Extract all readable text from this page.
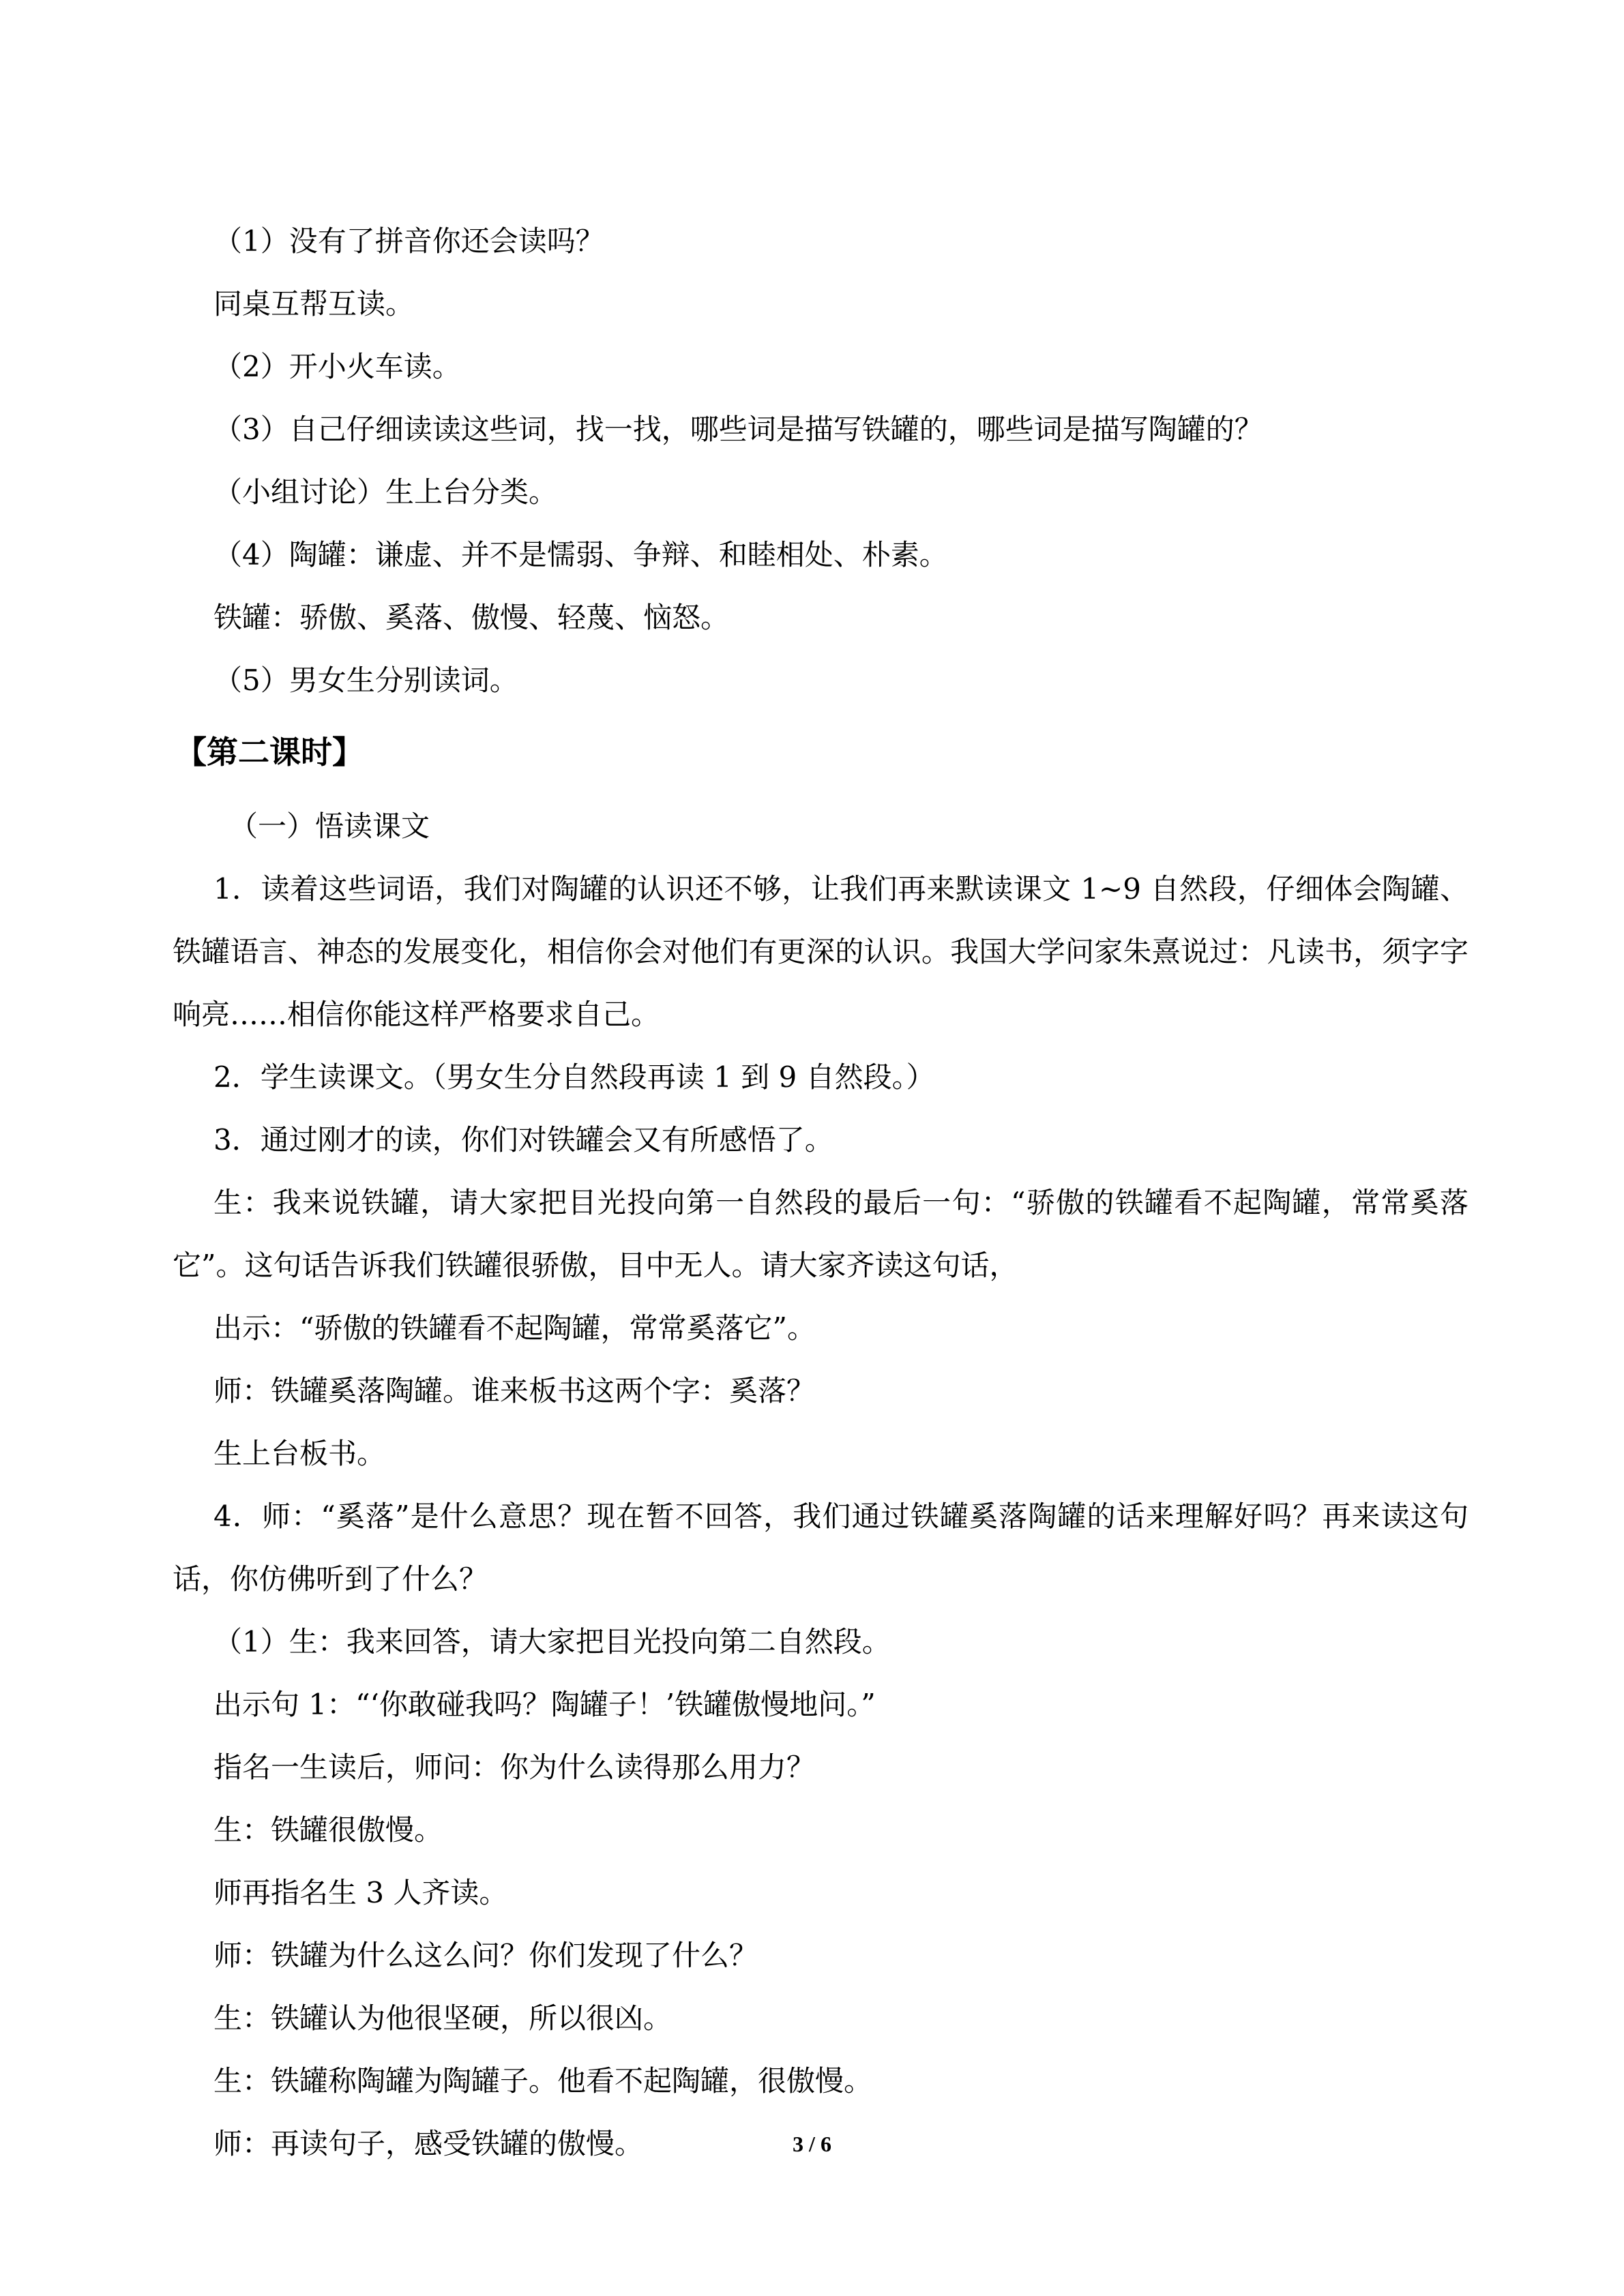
（1）没有了拼音你还会读吗？

同桌互帮互读。

（2）开小火车读。

（3）自己仔细读读这些词，找一找，哪些词是描写铁罐的，哪些词是描写陶罐的？

（小组讨论）生上台分类。

（4）陶罐：谦虚、并不是懦弱、争辩、和睦相处、朴素。

铁罐：骄傲、奚落、傲慢、轻蔑、恼怒。

（5）男女生分别读词。

【第二课时】

（一）悟读课文

1．读着这些词语，我们对陶罐的认识还不够，让我们再来默读课文 1~9 自然段，仔细体会陶罐、铁罐语言、神态的发展变化，相信你会对他们有更深的认识。我国大学问家朱熹说过：凡读书，须字字响亮……相信你能这样严格要求自己。

2．学生读课文。（男女生分自然段再读 1 到 9 自然段。）

3．通过刚才的读，你们对铁罐会又有所感悟了。

生：我来说铁罐，请大家把目光投向第一自然段的最后一句：“骄傲的铁罐看不起陶罐，常常奚落它”。这句话告诉我们铁罐很骄傲，目中无人。请大家齐读这句话，

出示：“骄傲的铁罐看不起陶罐，常常奚落它”。

师：铁罐奚落陶罐。谁来板书这两个字：奚落？

生上台板书。

4．师：“奚落”是什么意思？现在暂不回答，我们通过铁罐奚落陶罐的话来理解好吗？再来读这句话，你仿佛听到了什么？

（1）生：我来回答，请大家把目光投向第二自然段。

出示句 1：“‘你敢碰我吗？陶罐子！’铁罐傲慢地问。”

指名一生读后，师问：你为什么读得那么用力？

生：铁罐很傲慢。

师再指名生 3 人齐读。

师：铁罐为什么这么问？你们发现了什么？

生：铁罐认为他很坚硬，所以很凶。

生：铁罐称陶罐为陶罐子。他看不起陶罐，很傲慢。

师：再读句子，感受铁罐的傲慢。	3 / 6
